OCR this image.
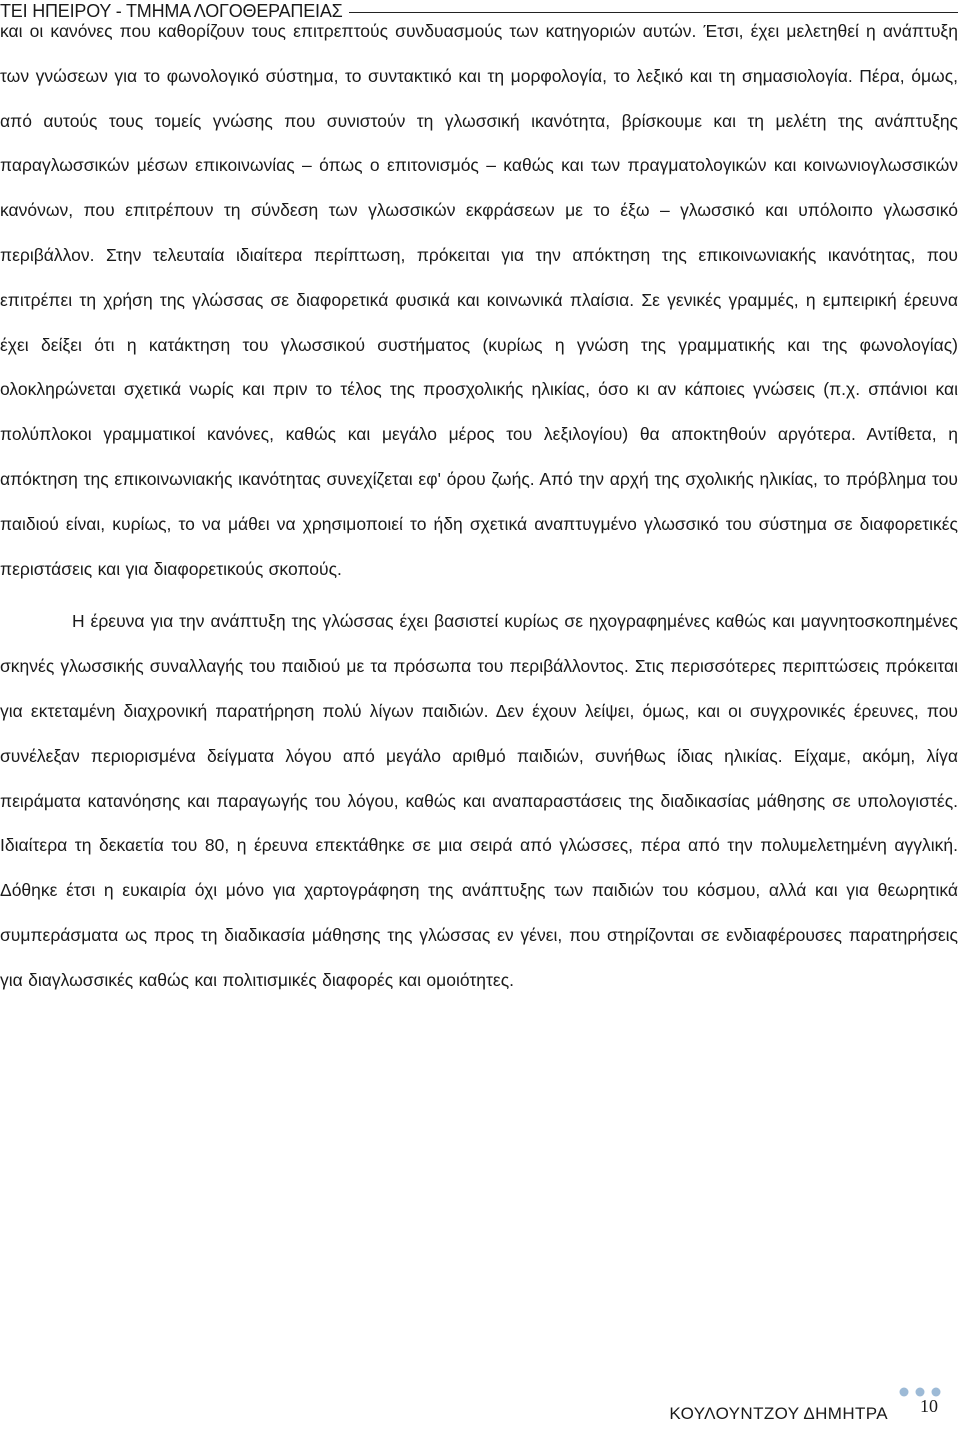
ΤΕΙ ΗΠΕΙΡΟΥ - ΤΜΗΜΑ ΛΟΓΟΘΕΡΑΠΕΙΑΣ

και οι κανόνες που καθορίζουν τους επιτρεπτούς συνδυασμούς των κατηγοριών αυτών. Έτσι, έχει μελετηθεί η ανάπτυξη των γνώσεων για το φωνολογικό σύστημα, το συντακτικό και τη μορφολογία, το λεξικό και τη σημασιολογία. Πέρα, όμως, από αυτούς τους τομείς γνώσης που συνιστούν τη γλωσσική ικανότητα, βρίσκουμε και τη μελέτη της ανάπτυξης παραγλωσσικών μέσων επικοινωνίας – όπως ο επιτονισμός – καθώς και των πραγματολογικών και κοινωνιογλωσσικών κανόνων, που επιτρέπουν τη σύνδεση των γλωσσικών εκφράσεων με το έξω – γλωσσικό και υπόλοιπο γλωσσικό περιβάλλον. Στην τελευταία ιδιαίτερα περίπτωση, πρόκειται για την απόκτηση της επικοινωνιακής ικανότητας, που επιτρέπει τη χρήση της γλώσσας σε διαφορετικά φυσικά και κοινωνικά πλαίσια. Σε γενικές γραμμές, η εμπειρική έρευνα έχει δείξει ότι η κατάκτηση του γλωσσικού συστήματος (κυρίως η γνώση της γραμματικής και της φωνολογίας) ολοκληρώνεται σχετικά νωρίς και πριν το τέλος της προσχολικής ηλικίας, όσο κι αν κάποιες γνώσεις (π.χ. σπάνιοι και πολύπλοκοι γραμματικοί κανόνες, καθώς και μεγάλο μέρος του λεξιλογίου) θα αποκτηθούν αργότερα. Αντίθετα, η απόκτηση της επικοινωνιακής ικανότητας συνεχίζεται εφ' όρου ζωής. Από την αρχή της σχολικής ηλικίας, το πρόβλημα του παιδιού είναι, κυρίως, το να μάθει να χρησιμοποιεί το ήδη σχετικά αναπτυγμένο γλωσσικό του σύστημα σε διαφορετικές περιστάσεις και για διαφορετικούς σκοπούς.

Η έρευνα για την ανάπτυξη της γλώσσας έχει βασιστεί κυρίως σε ηχογραφημένες καθώς και μαγνητοσκοπημένες σκηνές γλωσσικής συναλλαγής του παιδιού με τα πρόσωπα του περιβάλλοντος. Στις περισσότερες περιπτώσεις πρόκειται για εκτεταμένη διαχρονική παρατήρηση πολύ λίγων παιδιών. Δεν έχουν λείψει, όμως, και οι συγχρονικές έρευνες, που συνέλεξαν περιορισμένα δείγματα λόγου από μεγάλο αριθμό παιδιών, συνήθως ίδιας ηλικίας. Είχαμε, ακόμη, λίγα πειράματα κατανόησης και παραγωγής του λόγου, καθώς και αναπαραστάσεις της διαδικασίας μάθησης σε υπολογιστές. Ιδιαίτερα τη δεκαετία του 80, η έρευνα επεκτάθηκε σε μια σειρά από γλώσσες, πέρα από την πολυμελετημένη αγγλική. Δόθηκε έτσι η ευκαιρία όχι μόνο για χαρτογράφηση της ανάπτυξης των παιδιών του κόσμου, αλλά και για θεωρητικά συμπεράσματα ως προς τη διαδικασία μάθησης της γλώσσας εν γένει, που στηρίζονται σε ενδιαφέρουσες παρατηρήσεις για διαγλωσσικές καθώς και πολιτισμικές διαφορές και ομοιότητες.

ΚΟΥΛΟΥΝΤΖΟΥ ΔΗΜΗΤΡΑ 10
